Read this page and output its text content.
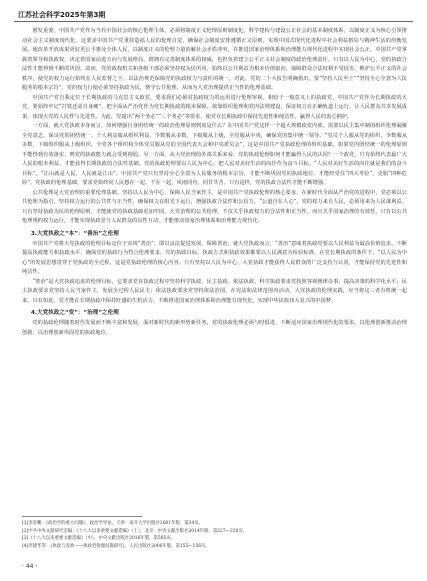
江苏社会科学2025年第3期

愈发重要。中国共产党作为当代中国社会的核心伦理主体，必须将制度正义伦理原则制度化，科学建构与建设公正社会的基本制度体系，以制度正义为核心引领推动社会主义制度现代化。这要求中国共产党秉持造福人民的伦理自觉，确保社会制度安排遵循正义原则，实现中国式现代化进程中社会利益格局与精神生活的均衡发展，使改革开放成果更好更公平惠及全体人民，以制度正义的伦理力量消解社会矛盾冲突，在推进国家治理体系和治理能力现代化进程中实现社会公正。中国共产党掌握着领导和执政权，决定着国家前进方向与发展格局，既拥有完善制度体系的权威，也担负着建立公平正义社会制度的政治伦理责任。只有以人民为中心，党的执政合法性才能得到不断的巩固。故而，党的政权机关和各级干部必须坚持权为民所用，始终以公共利益为根本价值取向，保障群众合法权利不受侵害，维护公平正义的社会秩序，使党的权力运行始终在人民监督之下，以法治规范保障党的执政权力与责任的统一。对此，党的二十大报告明确指出，要“坚持人民至上”“坚持全心全意为人民服务的根本宗旨”，党的权力行使必须坚持执政为民，恪守公共伦理，从而为大党治理提供正当性的伦理基础。

中国共产党自我定位于长期执政的马克思主义政党，要求我们必须对执政权力的运用进行伦理审视。相较于一般意义上的执政党，中国共产党作为长期执政的大党，要始终牢记“打铁还需自身硬”，把全面从严治党作为党长期执政的根本保障。依靠组织伦理和党内法规建设，保证权力在正确轨道上运行，让人民群众共享发展成果，体现大党的人民性与先进性。为此，党提出“两个务必”“三个务必”等要求，使党在长期执政中保持先进性和纯洁性，赢得人民的衷心拥护。

一方面，就大党执政本身而言，如何增强自身团结统一的政治伦理原则到底是什么？在中国共产党这样一个超大规模政党内部，需要以民主集中制的组织伦理凝聚全党意志，保证党的团结统一。个人利益服从组织利益，少数服从多数，下级服从上级，全党服从中央，确保党的集中统一领导。“党员个人服从党的组织，少数服从多数，下级组织服从上级组织，全党各个组织和全体党员服从党的全国代表大会和中央委员会”，这是中国共产党执政伦理的组织基础。如果党内团结统一的伦理原则不能得到有效落实，则党的执政能力就会受到削弱。另一方面，从大党治理的外部关系来看，党的执政伦理如何才能赢得人民的认同？一个政党，只有始终代表最广大人民的根本利益，才能获得长期执政的合法性基础。党的执政伦理要以人民为中心，把人民对美好生活的向往作为奋斗目标。“人民对美好生活的向往就是我们的奋斗目标”，“江山就是人民，人民就是江山”。中国共产党只有坚持全心全意为人民服务的根本宗旨，才能不断巩固党的执政地位，才能经受住“四大考验”，克服“四种危险”。党执政的伦理基础，要求党始终同人民想在一起、干在一起，风雨同舟、同甘共苦。只有这样，党的执政合法性才能不断增强。

公共伦理是大党治理的重要伦理基础。坚持以人民为中心，保障人民当家作主，是中国共产党执政伦理的核心要求。在新时代全面从严治党的进程中，党必须以公共伦理为指引，坚持权力运行的公共性与正当性，确保权力在阳光下运行，增强执政合法性和公信力。“公道自在人心”，党的权力来自人民，必须用来为人民谋利益。只有坚持执政为民的伦理原则，才能使党的执政基础更加牢固。大党治理的公共伦理，不仅关乎执政权力的合法性和正当性，而且关乎国家治理的有效性。只有以公共伦理规约权力运行，才能实现执政党与人民群众的良性互动，才能推动国家治理体系和治理能力现代化。

3.大党执政之“本”：“善治”之伦理

中国共产党将大党执政的伦理目标定位于实现“善治”，即以良法促进发展、保障善治。就大党执政而言，“善治”意味着执政党要以人民利益为最高价值追求，不断提高执政能力和执政水平，确保党的执政行为符合伦理要求。党的执政目标、执政方式和执政效果都要以人民满意为检验标准。在党长期执政的条件下，“以人民为中心”的发展思想贯穿于党执政的全过程，这是党执政伦理的核心内容。只有坚持以人民为中心，大党执政才能获得人民群众的广泛支持与认同，才能保持党的先进性和纯洁性。

“善治”是大党执政追求的伦理目标，它要求党在执政过程中坚持科学执政、民主执政、依法执政。科学执政要求党按照客观规律办事，提高决策的科学化水平；民主执政要求党坚持人民当家作主，发展全过程人民民主；依法执政要求党坚持依法治国，在宪法和法律范围内活动。大党执政的伦理实践，应当将这三者有机统一起来。只有如此，党才能在长期执政中保持旺盛的生机活力，不断推进国家治理体系和治理能力现代化，实现中华民族伟大复兴的中国梦。

4.大党执政之“变”：“治理”之伦理

党的执政伦理随着时代发展而不断丰富和发展。面对新时代的新形势新任务，党的执政伦理必须与时俱进，不断适应国家治理现代化的要求，以伦理创新推动治理创新，以治理创新巩固党的执政地位。

[1]李景鹏：《政治学的重大问题》，政治学导论，天津：南开大学出版社2001年版，第34页。

[2]中共中央文献研究室编：《十八大以来重要文献选编》（上），北京：中央文献出版社2014年版，第227—228页。

[3]《十八大以来重要文献选编》（中），中央文献出版社2016年版，第585页。

[4]李建华等：《执政与善政——执政党伦理问题研究》，人民出版社2006年版，第155—156页。

· 44 ·
